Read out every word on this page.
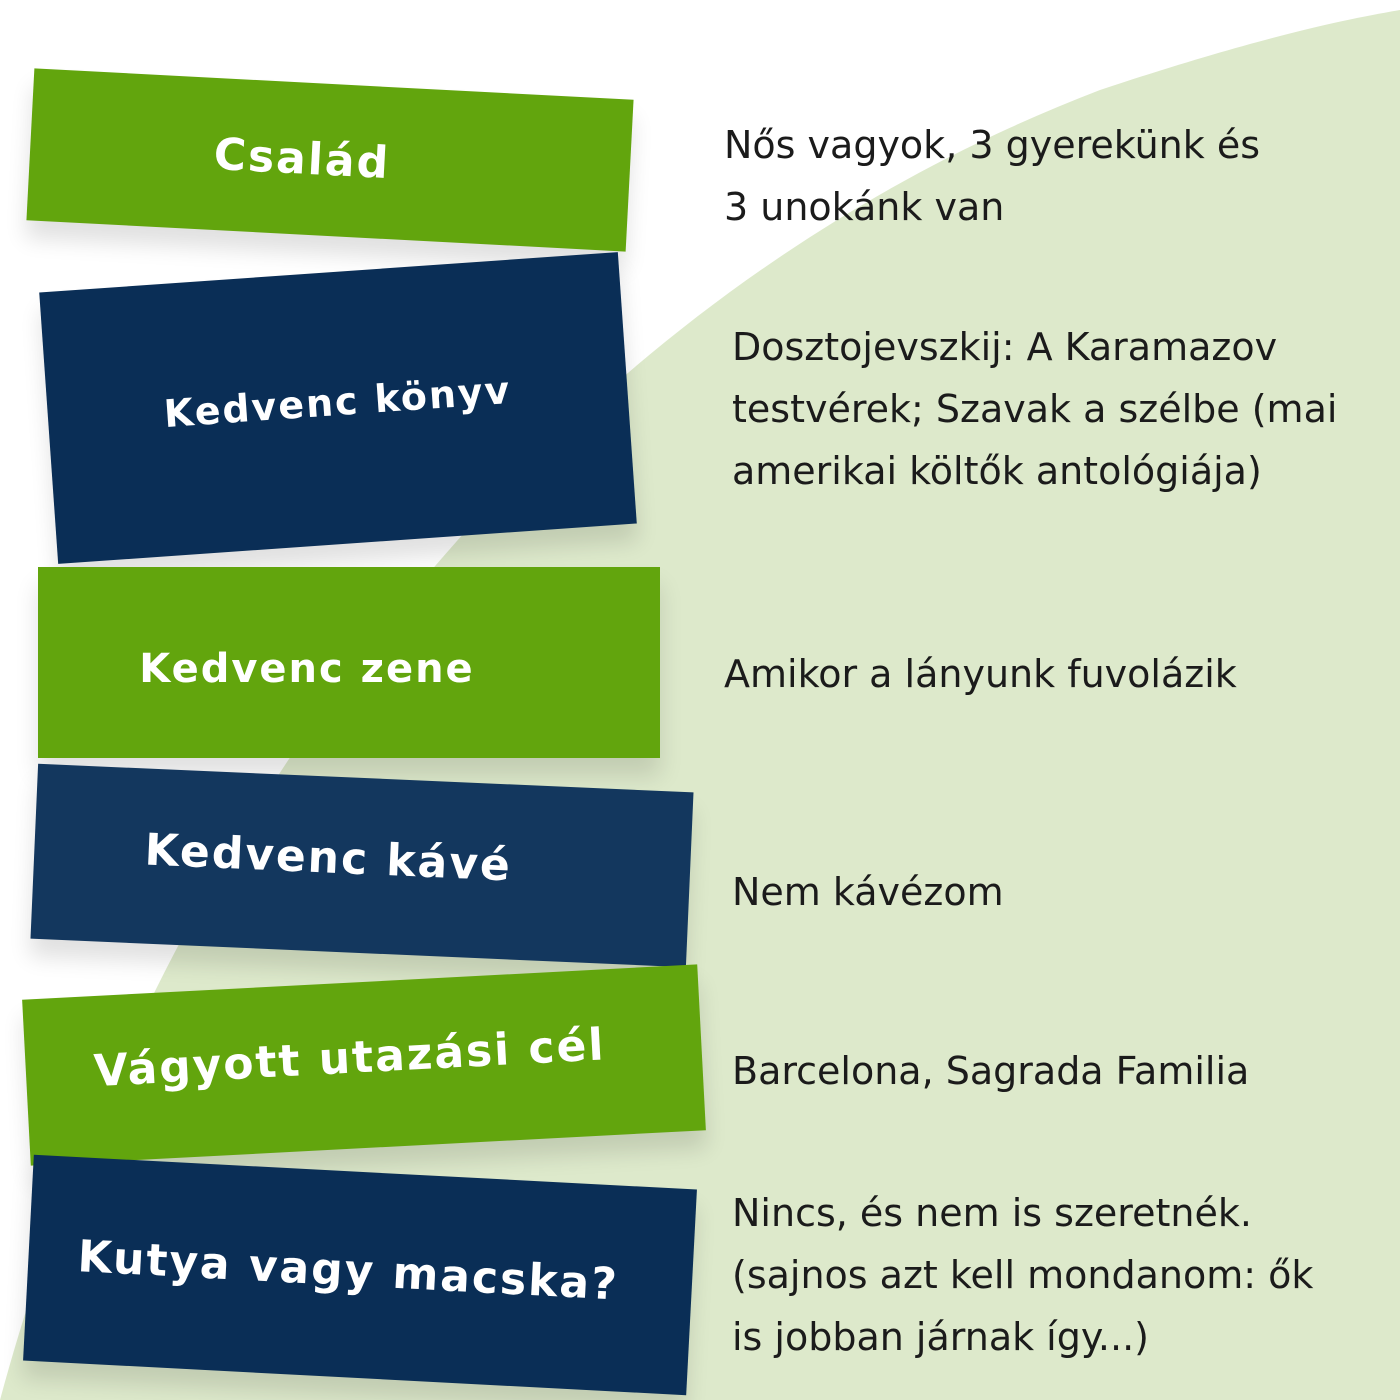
Család
Kedvenc könyv
Kedvenc zene
Kedvenc kávé
Vágyott utazási cél
Kutya vagy macska?
Nős vagyok, 3 gyerekünk és
3 unokánk van
Dosztojevszkij: A Karamazov
testvérek; Szavak a szélbe (mai
amerikai költők antológiája)
Amikor a lányunk fuvolázik
Nem kávézom
Barcelona, Sagrada Familia
Nincs, és nem is szeretnék.
(sajnos azt kell mondanom: ők
is jobban járnak így...)
